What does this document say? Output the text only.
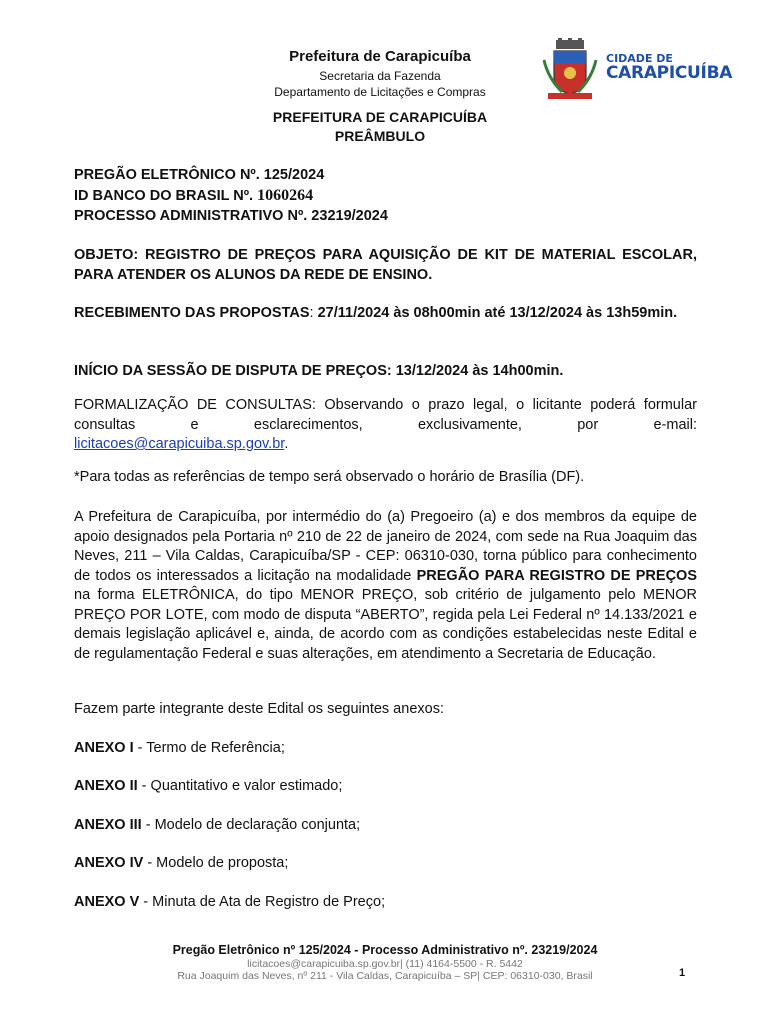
Prefeitura de Carapicuíba
Secretaria da Fazenda
Departamento de Licitações e Compras
CIDADE DE
CARAPICUÍBA
PREFEITURA DE CARAPICUÍBA
PREÂMBULO
PREGÃO ELETRÔNICO Nº. 125/2024
ID BANCO DO BRASIL Nº. 1060264
PROCESSO ADMINISTRATIVO Nº. 23219/2024
OBJETO: REGISTRO DE PREÇOS PARA AQUISIÇÃO DE KIT DE MATERIAL ESCOLAR, PARA ATENDER OS ALUNOS DA REDE DE ENSINO.
RECEBIMENTO DAS PROPOSTAS: 27/11/2024 às 08h00min até 13/12/2024 às 13h59min.
INÍCIO DA SESSÃO DE DISPUTA DE PREÇOS: 13/12/2024 às 14h00min.
FORMALIZAÇÃO DE CONSULTAS: Observando o prazo legal, o licitante poderá formular
consultas e esclarecimentos, exclusivamente, por e-mail:
licitacoes@carapicuiba.sp.gov.br.
*Para todas as referências de tempo será observado o horário de Brasília (DF).
A Prefeitura de Carapicuíba, por intermédio do (a) Pregoeiro (a) e dos membros da equipe de apoio designados pela Portaria nº 210 de 22 de janeiro de 2024, com sede na Rua Joaquim das Neves, 211 – Vila Caldas, Carapicuíba/SP - CEP: 06310-030, torna público para conhecimento de todos os interessados a licitação na modalidade PREGÃO PARA REGISTRO DE PREÇOS na forma ELETRÔNICA, do tipo MENOR PREÇO, sob critério de julgamento pelo MENOR PREÇO POR LOTE, com modo de disputa “ABERTO”, regida pela Lei Federal nº 14.133/2021 e demais legislação aplicável e, ainda, de acordo com as condições estabelecidas neste Edital e de regulamentação Federal e suas alterações, em atendimento a Secretaria de Educação.
Fazem parte integrante deste Edital os seguintes anexos:
ANEXO I - Termo de Referência;
ANEXO II - Quantitativo e valor estimado;
ANEXO III - Modelo de declaração conjunta;
ANEXO IV - Modelo de proposta;
ANEXO V - Minuta de Ata de Registro de Preço;
Pregão Eletrônico nº 125/2024 - Processo Administrativo nº. 23219/2024
licitacoes@carapicuiba.sp.gov.br| (11) 4164-5500 - R. 5442
Rua Joaquim das Neves, nº 211 - Vila Caldas, Carapicuíba – SP| CEP: 06310-030, Brasil	1
